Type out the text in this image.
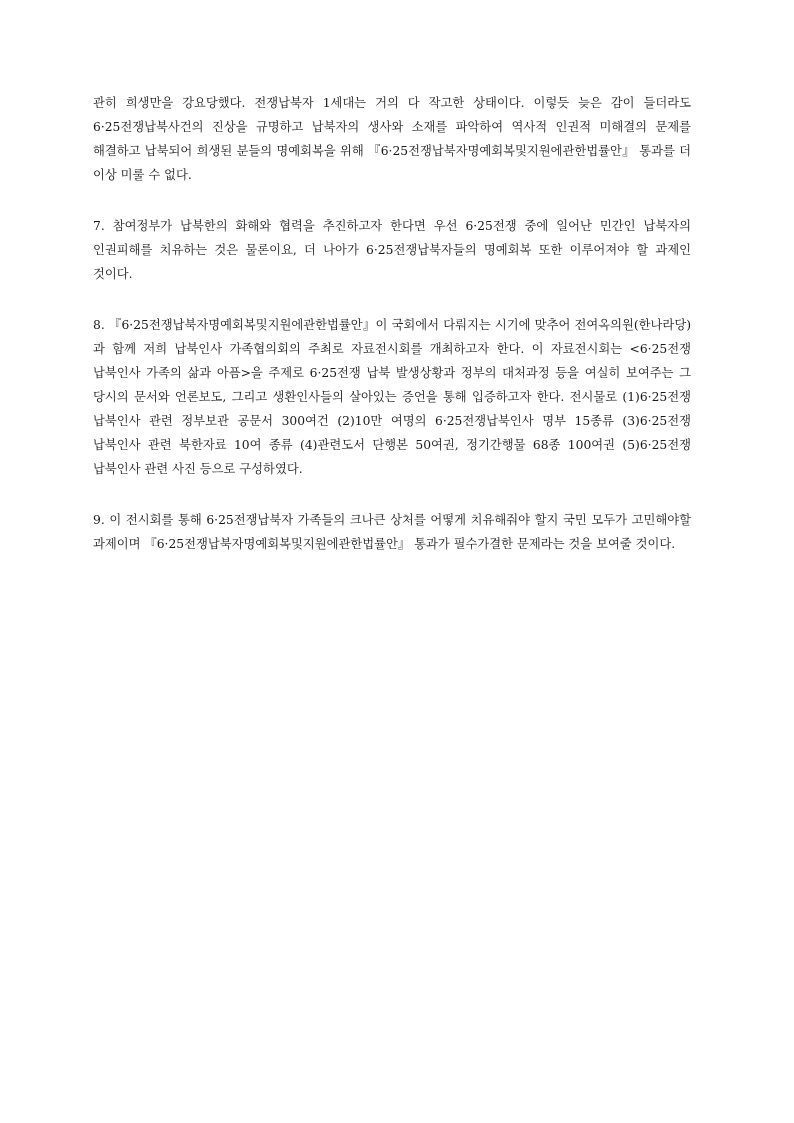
관히 희생만을 강요당했다. 전쟁납북자 1세대는 거의 다 작고한 상태이다. 이렇듯 늦은 감이 들더라도 6·25전쟁납북사건의 진상을 규명하고 납북자의 생사와 소재를 파악하여 역사적 인권적 미해결의 문제를 해결하고 납북되어 희생된 분들의 명예회복을 위해 『6·25전쟁납북자명예회복및지원에관한법률안』 통과를 더 이상 미룰 수 없다.

7. 참여정부가 납북한의 화해와 협력을 추진하고자 한다면 우선 6·25전쟁 중에 일어난 민간인 납북자의 인권피해를 치유하는 것은 물론이요, 더 나아가 6·25전쟁납북자들의 명예회복 또한 이루어져야 할 과제인 것이다.

8. 『6·25전쟁납북자명예회복및지원에관한법률안』이 국회에서 다뤄지는 시기에 맞추어 전여옥의원(한나라당)과 함께 저희 납북인사 가족협의회의 주최로 자료전시회를 개최하고자 한다. 이 자료전시회는 <6·25전쟁 납북인사 가족의 삶과 아픔>을 주제로 6·25전쟁 납북 발생상황과 정부의 대처과정 등을 여실히 보여주는 그 당시의 문서와 언론보도, 그리고 생환인사들의 살아있는 증언을 통해 입증하고자 한다. 전시물로 (1)6·25전쟁 납북인사 관련 정부보관 공문서 300여건 (2)10만 여명의 6·25전쟁납북인사 명부 15종류 (3)6·25전쟁 납북인사 관련 북한자료 10여 종류 (4)관련도서 단행본 50여권, 정기간행물 68종 100여권 (5)6·25전쟁 납북인사 관련 사진 등으로 구성하였다.

9. 이 전시회를 통해 6·25전쟁납북자 가족들의 크나큰 상처를 어떻게 치유해줘야 할지 국민 모두가 고민해야할 과제이며 『6·25전쟁납북자명예회복및지원에관한법률안』 통과가 필수가결한 문제라는 것을 보여줄 것이다.
